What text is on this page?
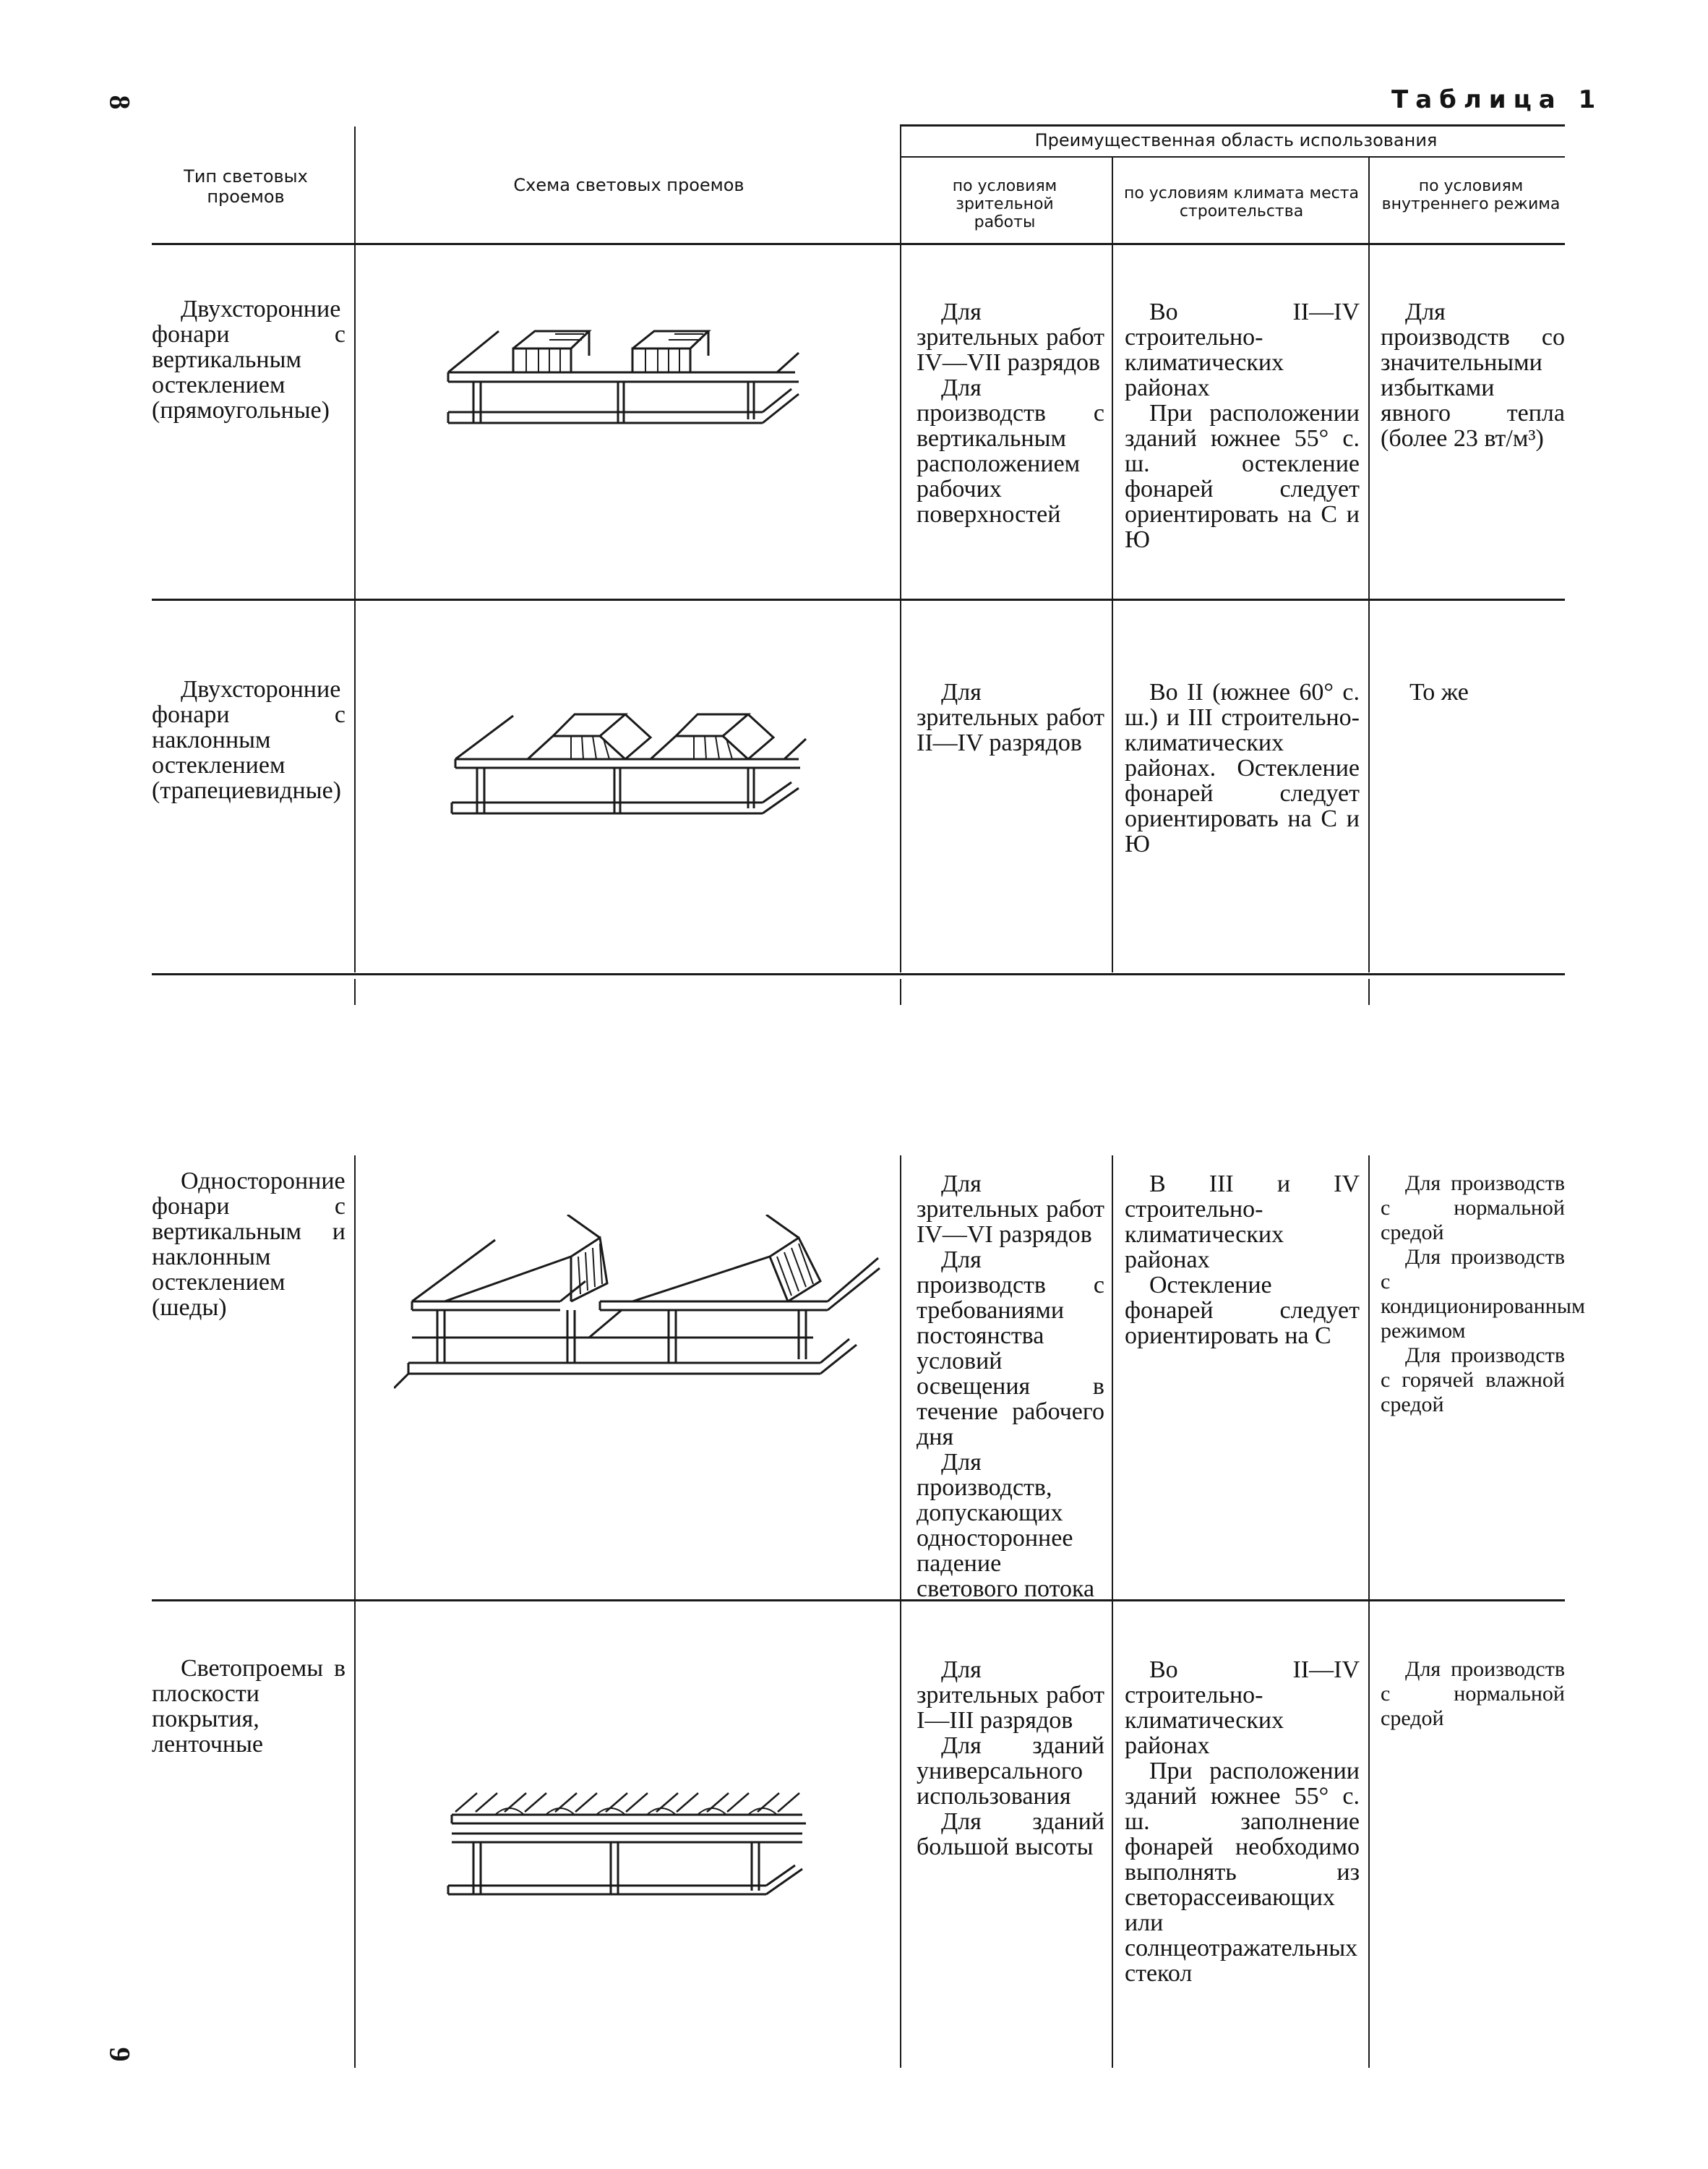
8
9
Таблица 1
Тип световых проемов
Схема световых проемов
Преимущественная область использования
по условиям зрительной работы
по условиям климата места строительства
по условиям внутреннего режима
Двухсторонние фонари с вертикальным остеклением (прямоугольные)

Для зрительных работ IV—VII разрядов

Для производств с вертикальным расположением рабочих поверхностей

Во II—IV строительно-климатических районах

При расположении зданий южнее 55° с. ш. остекление фонарей следует ориентировать на С и Ю

Для производств со значительными избытками явного тепла (более 23 вт/м³)

Двухсторонние фонари с наклонным остеклением (трапециевидные)

Для зрительных работ II—IV разрядов

Во II (южнее 60° с. ш.) и III строительно-климатических районах. Остекление фонарей следует ориентировать на С и Ю

То же

Односторонние фонари с вертикальным и наклонным остеклением (шеды)

Для зрительных работ IV—VI разрядов

Для производств с требованиями постоянства условий освещения в течение рабочего дня

Для производств, допускающих одностороннее падение светового потока

В III и IV строительно-климатических районах

Остекление фонарей следует ориентировать на С

Для производств с нормальной средой

Для производств с кондиционированным режимом

Для производств с горячей влажной средой

Светопроемы в плоскости покрытия, ленточные

Для зрительных работ I—III разрядов

Для зданий универсального использования

Для зданий большой высоты

Во II—IV строительно-климатических районах

При расположении зданий южнее 55° с. ш. заполнение фонарей необходимо выполнять из светорассеивающих или солнцеотражательных стекол

Для производств с нормальной средой
